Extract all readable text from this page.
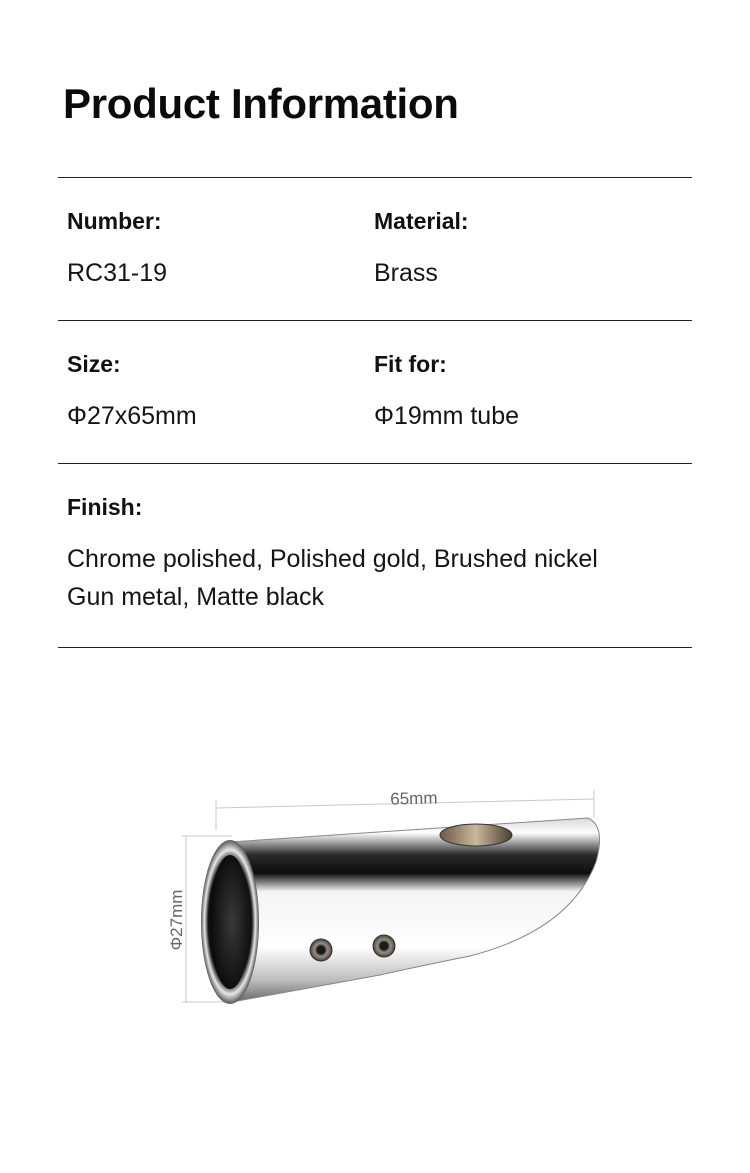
Product Information
Number:	Material:
RC31-19	Brass
Size:	Fit for:
Φ27x65mm	Φ19mm tube
Finish:
Chrome polished, Polished gold, Brushed nickel
Gun metal, Matte black
65mm
Φ27mm
